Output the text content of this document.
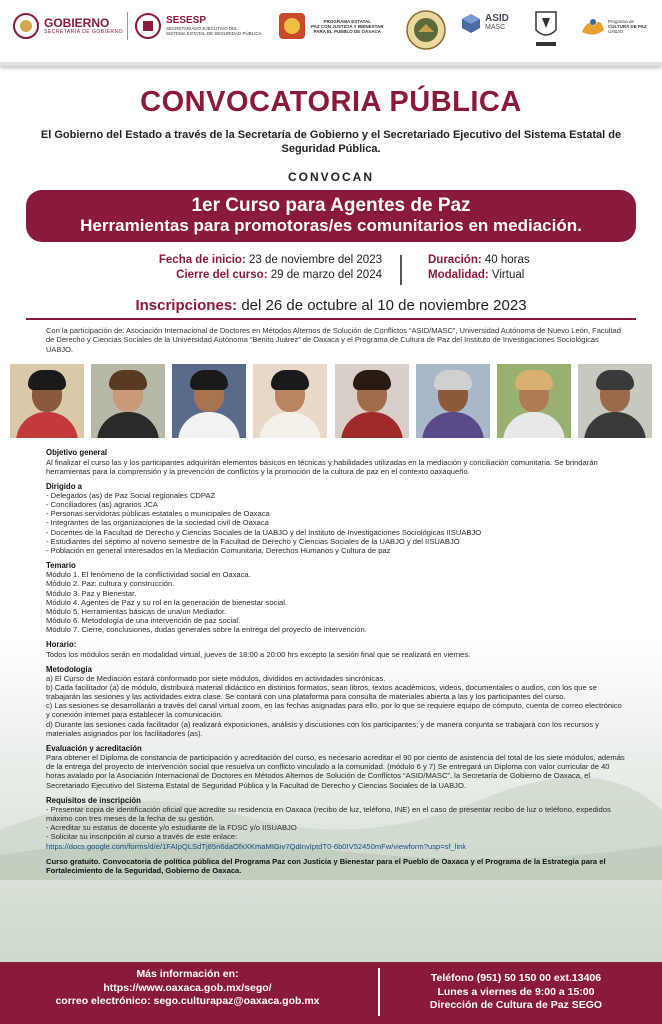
GOBIERNO
SECRETARÍA DE GOBIERNO
SESESP
SECRETARIADO EJECUTIVO DEL
SISTEMA ESTATAL DE SEGURIDAD PÚBLICA
PROGRAMA ESTATAL
PAZ CON JUSTICIA Y BIENESTAR
PARA EL PUEBLO DE OAXACA
ASID
MASC
Programa de
CULTURA DE PAZ
UABJO
CONVOCATORIA PÚBLICA
El Gobierno del Estado a través de la Secretaría de Gobierno y el Secretariado Ejecutivo del Sistema Estatal de Seguridad Pública.
CONVOCAN
1er Curso para Agentes de Paz
Herramientas para promotoras/es comunitarios en mediación.
Fecha de inicio: 23 de noviembre del 2023
Cierre del curso: 29 de marzo del 2024
Duración: 40 horas
Modalidad: Virtual
Inscripciones: del 26 de octubre al 10 de noviembre 2023
Con la participación de: Asociación Internacional de Doctores en Métodos Alternos de Solución de Conflictos “ASID/MASC”, Universidad Autónoma de Nuevo León, Facultad de Derecho y Ciencias Sociales de la Universidad Autónoma “Benito Juárez” de Oaxaca y el Programa de Cultura de Paz del Instituto de Investigaciones Sociológicas UABJO.
Objetivo general

Al finalizar el curso las y los participantes adquirirán elementos básicos en técnicas y habilidades utilizadas en la mediación y conciliación comunitaria. Se brindarán herramientas para la comprensión y la prevención de conflictos y la promoción de la cultura de paz en el contexto oaxaqueño.

Dirigido a
- Delegados (as) de Paz Social regionales CDPAZ
- Conciliadores (as) agrarios JCA
- Personas servidoras públicas estatales o municipales de Oaxaca
- Integrantes de las organizaciones de la sociedad civil de Oaxaca
- Docentes de la Facultad de Derecho y Ciencias Sociales de la UABJO y del Instituto de Investigaciones Sociológicas IISUABJO
- Estudiantes del séptimo al noveno semestre de la Facultad de Derecho y Ciencias Sociales de la UABJO y del IISUABJO
- Población en general interesados en la Mediación Comunitaria, Derechos Humanos y Cultura de paz
Temario

Módulo 1. El fenómeno de la conflictividad social en Oaxaca.

Módulo 2. Paz: cultura y construcción.

Módulo 3. Paz y Bienestar.

Módulo 4. Agentes de Paz y su rol en la generación de bienestar social.

Módulo 5. Herramientas básicas de una/un Mediador.

Módulo 6. Metodología de una intervención de paz social.

Módulo 7. Cierre, conclusiones, dudas generales sobre la entrega del proyecto de intervención.

Horario:

Todos los módulos serán en modalidad virtual, jueves de 18:00 a 20:00 hrs excepto la sesión final que se realizará en viernes.

Metodología

a) El Curso de Mediación estará conformado por siete módulos, divididos en actividades sincrónicas.

b) Cada facilitador (a) de módulo, distribuirá material didáctico en distintos formatos, sean libros, textos académicos, videos, documentales o audios, con los que se trabajarán las sesiones y las actividades extra clase. Se contará con una plataforma para consulta de materiales abierta a las y los participantes del curso.

c) Las sesiones se desarrollarán a través del canal virtual zoom, en las fechas asignadas para ello, por lo que se requiere equipo de cómputo, cuenta de correo electrónico y conexión internet para establecer la comunicación.

d) Durante las sesiones cada facilitador (a) realizará exposiciones, análisis y discusiones con los participantes; y de manera conjunta se trabajará con los recursos y materiales asignados por los facilitadores (as).

Evaluación y acreditación

Para obtener el Diploma de constancia de participación y acreditación del curso, es necesario acreditar el 90 por ciento de asistencia del total de los siete módulos, además de la entrega del proyecto de intervención social que resuelva un conflicto vinculado a la comunidad. (módulo 6 y 7) Se entregará un Diploma con valor curricular de 40 horas avalado por la Asociación Internacional de Doctores en Métodos Alternos de Solución de Conflictos “ASID/MASC”, la Secretaría de Gobierno de Oaxaca, el Secretariado Ejecutivo del Sistema Estatal de Seguridad Pública y la Facultad de Derecho y Ciencias Sociales de la UABJO.

Requisitos de inscripción
- Presentar copia de identificación oficial que acredite su residencia en Oaxaca (recibo de luz, teléfono, INE) en el caso de presentar recibo de luz o teléfono, expedidos máximo con tres meses de la fecha de su gestión.
- Acreditar su estatus de docente y/o estudiante de la FDSC y/o IISUABJO
- Solicitar su inscripción al curso a través de este enlace:

https://docs.google.com/forms/d/e/1FAIpQLSdTj85n6daOfxXKmaMIGiv7QdInvIptdT0-6b0IV52450mFw/viewform?usp=sf_link

Curso gratuito. Convocatoria de política pública del Programa Paz con Justicia y Bienestar para el Pueblo de Oaxaca y el Programa de la Estrategia para el Fortalecimiento de la Seguridad, Gobierno de Oaxaca.

Más información en:
https://www.oaxaca.gob.mx/sego/
correo electrónico: sego.culturapaz@oaxaca.gob.mx
Teléfono (951) 50 150 00 ext.13406
Lunes a viernes de 9:00 a 15:00
Dirección de Cultura de Paz SEGO
